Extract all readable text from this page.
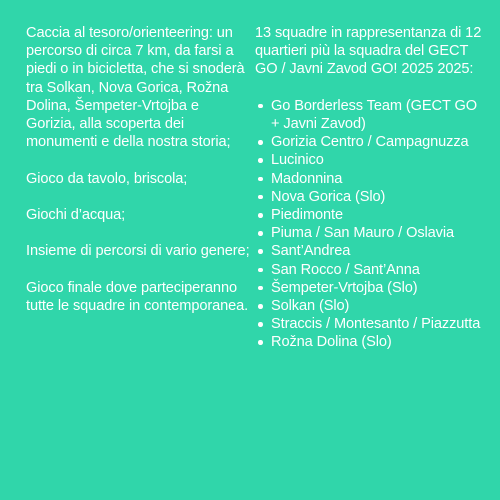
Caccia al tesoro/orienteering: un percorso di circa 7 km, da farsi a piedi o in bicicletta, che si snoderà tra Solkan, Nova Gorica, Rožna Dolina, Šempeter-Vrtojba e Gorizia, alla scoperta dei monumenti e della nostra storia;

Gioco da tavolo, briscola;

Giochi d’acqua;

Insieme di percorsi di vario genere;

Gioco finale dove parteciperanno tutte le squadre in contemporanea.

13 squadre in rappresentanza di 12 quartieri più la squadra del GECT GO / Javni Zavod GO! 2025 2025:

Go Borderless Team (GECT GO + Javni Zavod)
Gorizia Centro / Campagnuzza
Lucinico
Madonnina
Nova Gorica (Slo)
Piedimonte
Piuma / San Mauro / Oslavia
Sant’Andrea
San Rocco / Sant’Anna
Šempeter-Vrtojba (Slo)
Solkan (Slo)
Straccis / Montesanto / Piazzutta
Rožna Dolina (Slo)
